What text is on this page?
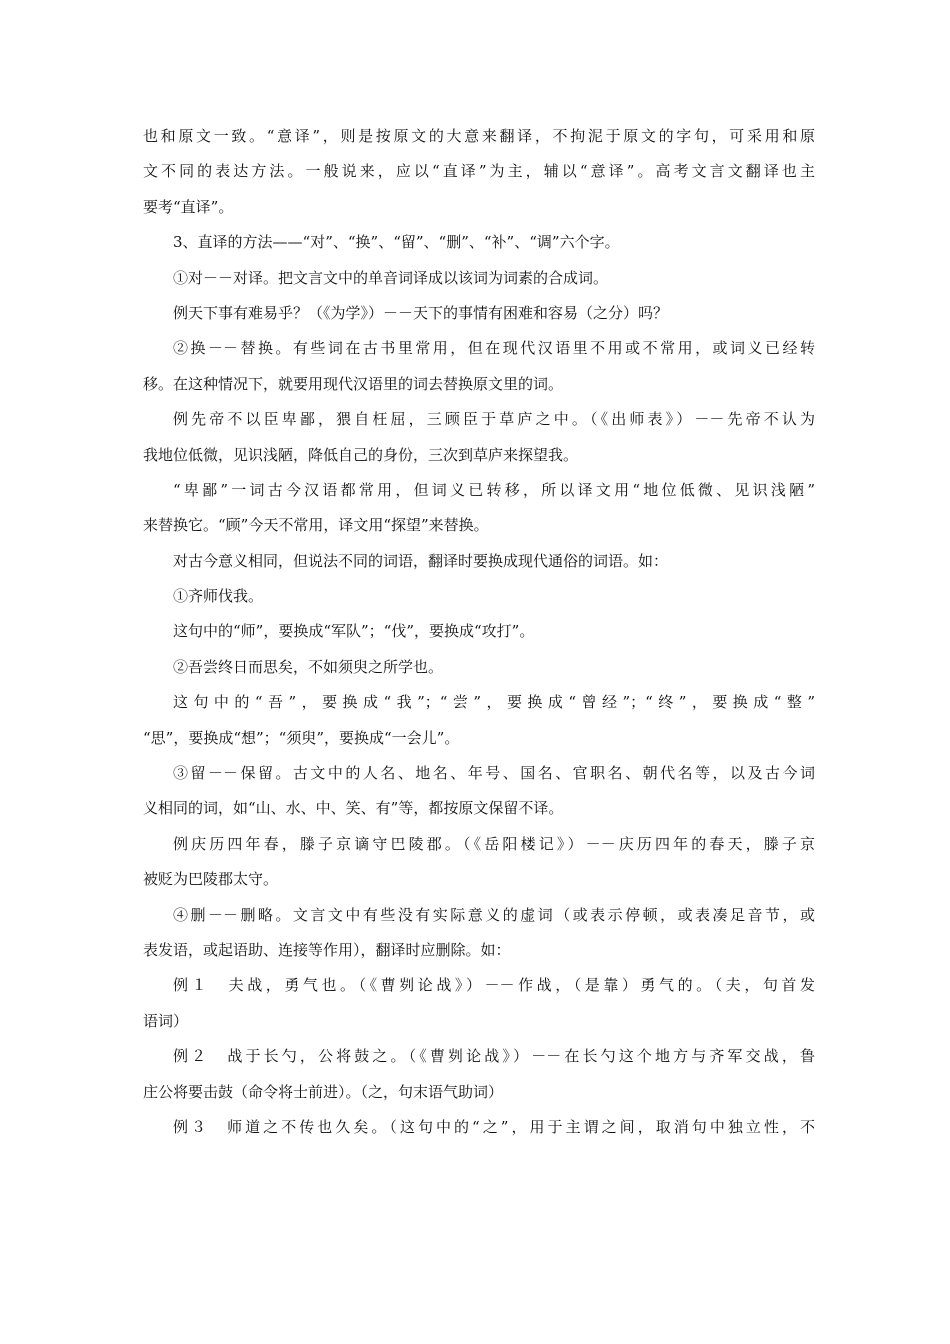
也和原文一致。“意译”，则是按原文的大意来翻译，不拘泥于原文的字句，可采用和原
文不同的表达方法。一般说来，应以“直译”为主，辅以“意译”。高考文言文翻译也主
要考“直译”。
3、直译的方法——“对”、“换”、“留”、“删”、“补”、“调”六个字。
①对－－对译。把文言文中的单音词译成以该词为词素的合成词。
例天下事有难易乎？（《为学》）－－天下的事情有困难和容易（之分）吗？
②换－－替换。有些词在古书里常用，但在现代汉语里不用或不常用，或词义已经转
移。在这种情况下，就要用现代汉语里的词去替换原文里的词。
例先帝不以臣卑鄙，猥自枉屈，三顾臣于草庐之中。（《出师表》）－－先帝不认为
我地位低微，见识浅陋，降低自己的身份，三次到草庐来探望我。
“卑鄙”一词古今汉语都常用，但词义已转移，所以译文用“地位低微、见识浅陋”
来替换它。“顾”今天不常用，译文用“探望”来替换。
对古今意义相同，但说法不同的词语，翻译时要换成现代通俗的词语。如：
①齐师伐我。
这句中的“师”，要换成“军队”；“伐”，要换成“攻打”。
②吾尝终日而思矣，不如须臾之所学也。
这句中的“吾”，要换成“我”；“尝”，要换成“曾经”；“终”，要换成“整”
“思”，要换成“想”；“须臾”，要换成“一会儿”。
③留－－保留。古文中的人名、地名、年号、国名、官职名、朝代名等，以及古今词
义相同的词，如“山、水、中、笑、有”等，都按原文保留不译。
例庆历四年春，滕子京谪守巴陵郡。（《岳阳楼记》）－－庆历四年的春天，滕子京
被贬为巴陵郡太守。
④删－－删略。文言文中有些没有实际意义的虚词（或表示停顿，或表凑足音节，或
表发语，或起语助、连接等作用），翻译时应删除。如：
例１　夫战，勇气也。（《曹刿论战》）－－作战，（是靠）勇气的。（夫，句首发
语词）
例２　战于长勺，公将鼓之。（《曹刿论战》）－－在长勺这个地方与齐军交战，鲁
庄公将要击鼓（命令将士前进）。（之，句末语气助词）
例３　师道之不传也久矣。（这句中的“之”，用于主谓之间，取消句中独立性，不
